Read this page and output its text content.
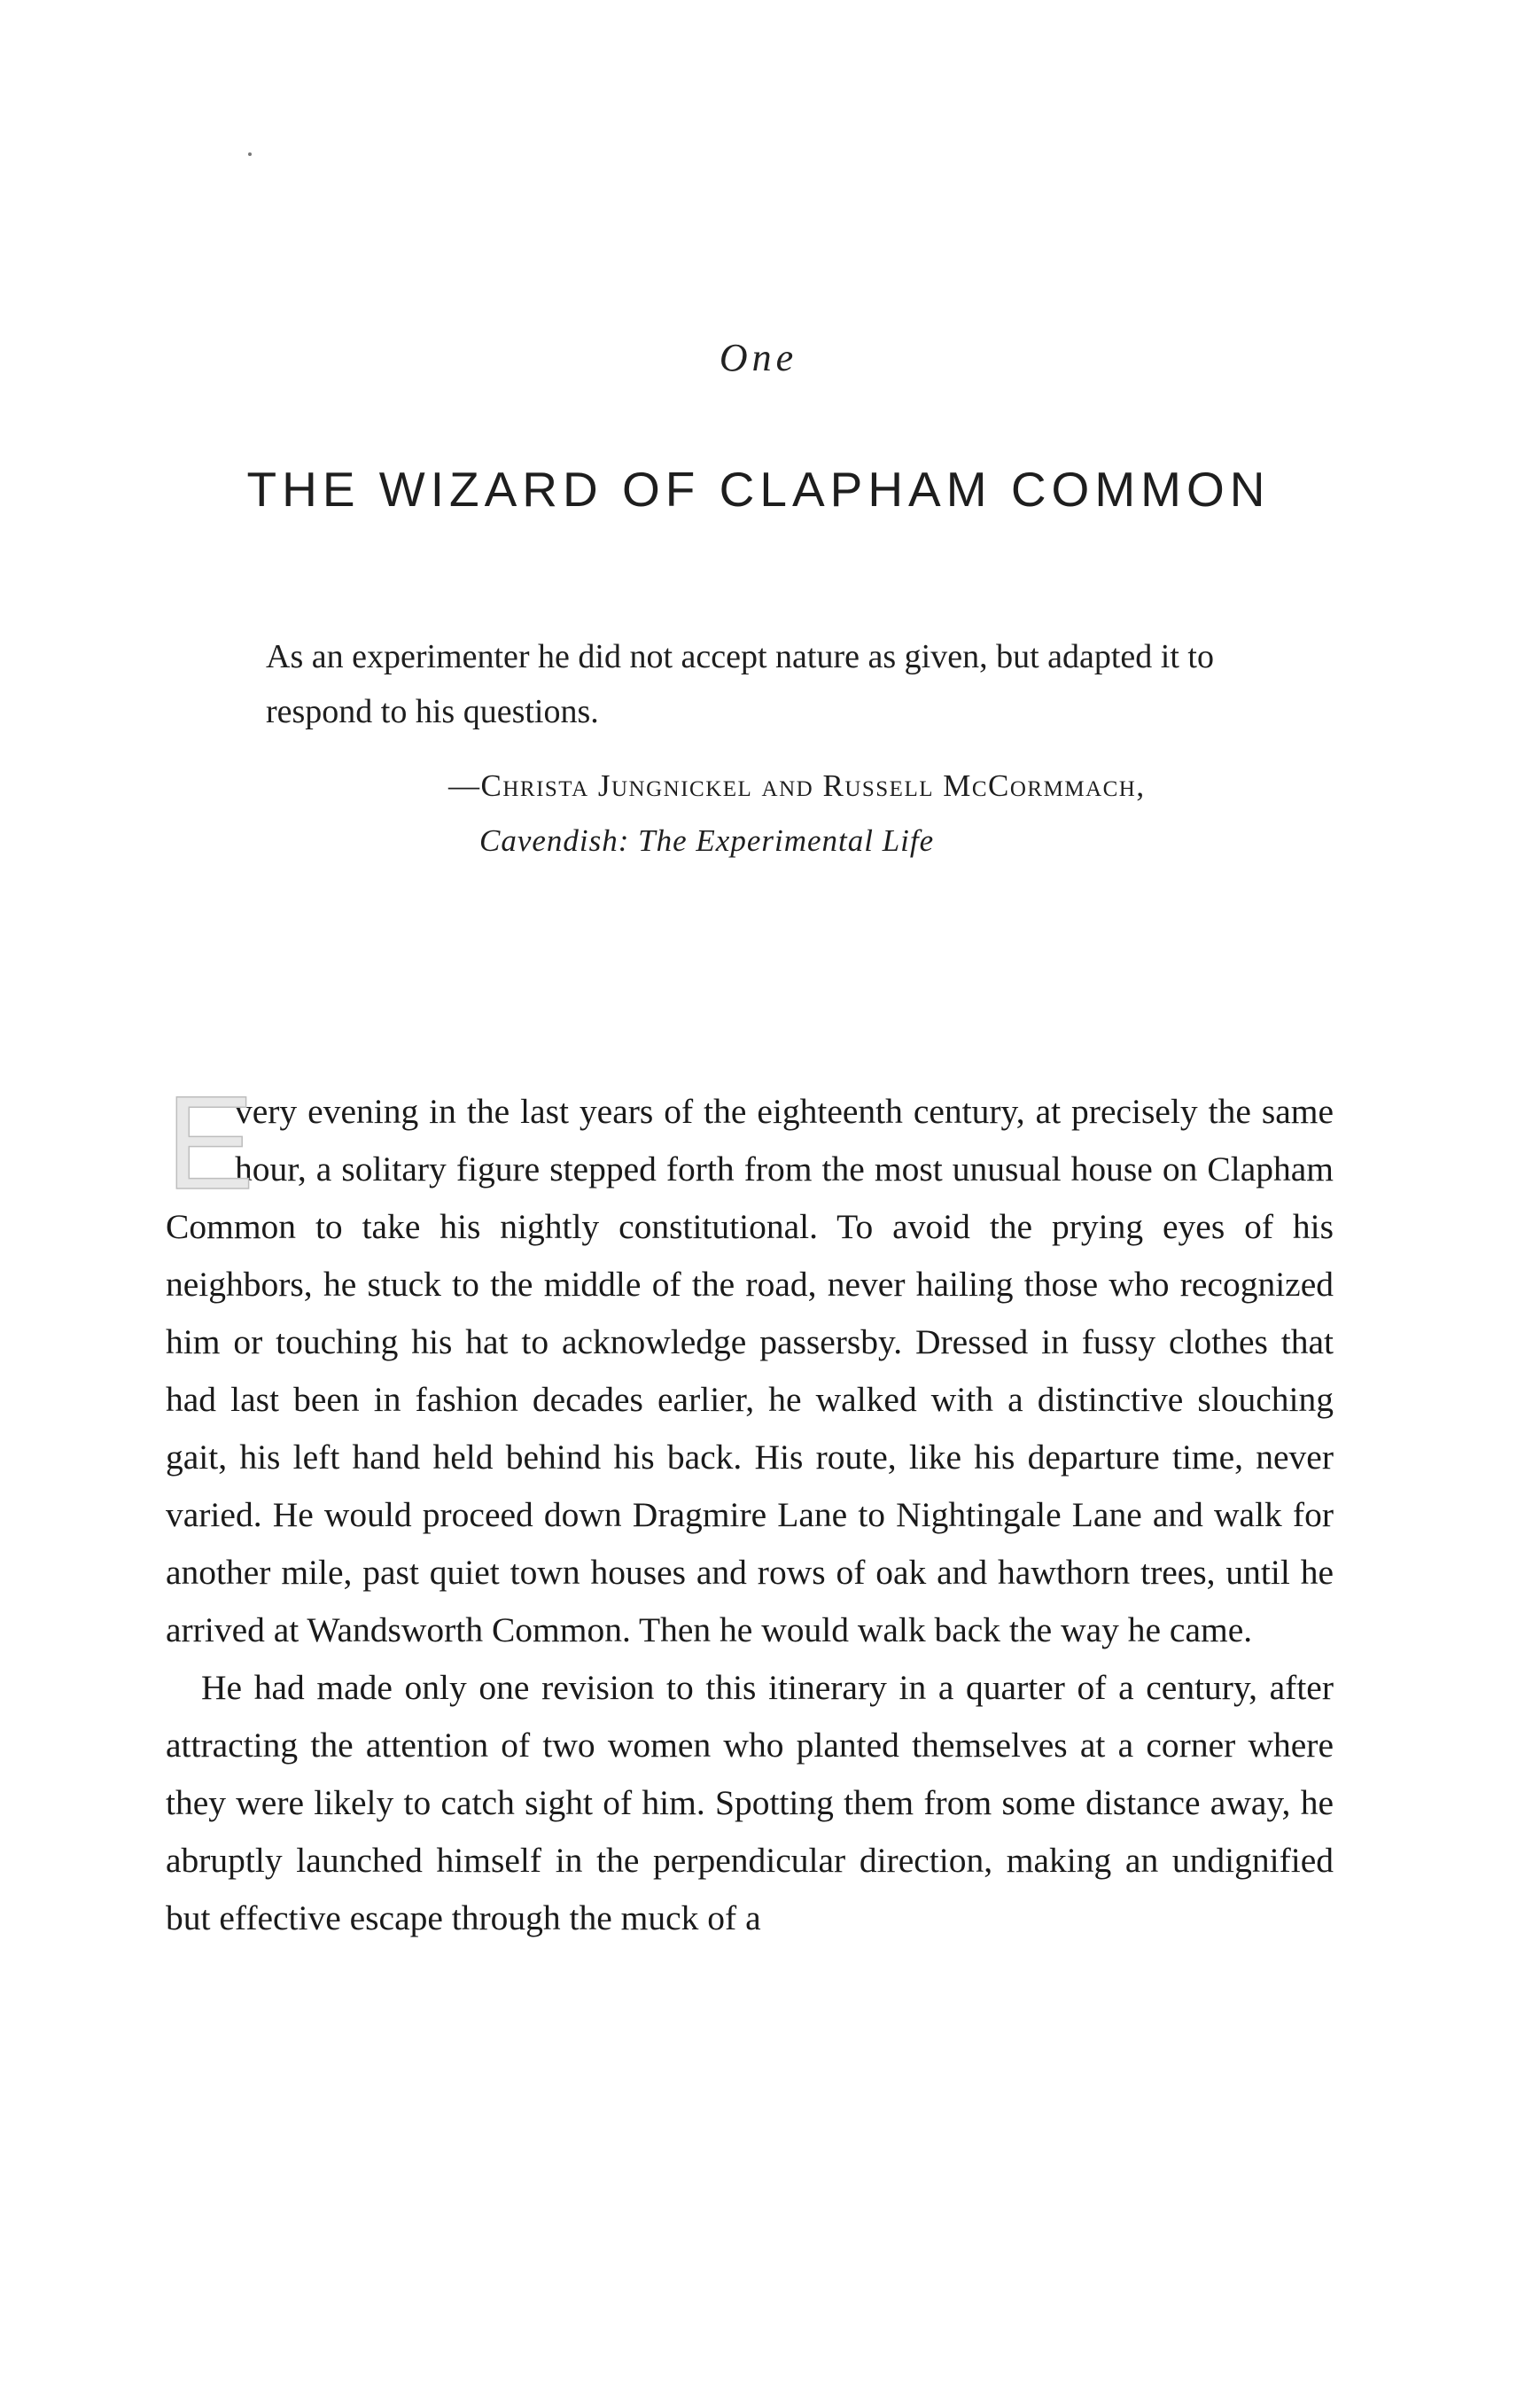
One
THE WIZARD OF CLAPHAM COMMON
As an experimenter he did not accept nature as given, but adapted it to respond to his questions.
—Christa Jungnickel and Russell McCormmach,
Cavendish: The Experimental Life

E
very evening in the last years of the eighteenth century, at precisely the same hour, a solitary figure stepped forth from the most unusual house on Clapham Common to take his nightly constitutional. To avoid the prying eyes of his neighbors, he stuck to the middle of the road, never hailing those who recognized him or touching his hat to acknowledge passersby. Dressed in fussy clothes that had last been in fashion decades earlier, he walked with a distinctive slouching gait, his left hand held behind his back. His route, like his departure time, never varied. He would proceed down Dragmire Lane to Nightingale Lane and walk for another mile, past quiet town houses and rows of oak and hawthorn trees, until he arrived at Wandsworth Common. Then he would walk back the way he came.

He had made only one revision to this itinerary in a quarter of a century, after attracting the attention of two women who planted themselves at a corner where they were likely to catch sight of him. Spotting them from some distance away, he abruptly launched himself in the perpendicular direction, making an undignified but effective escape through the muck of a
